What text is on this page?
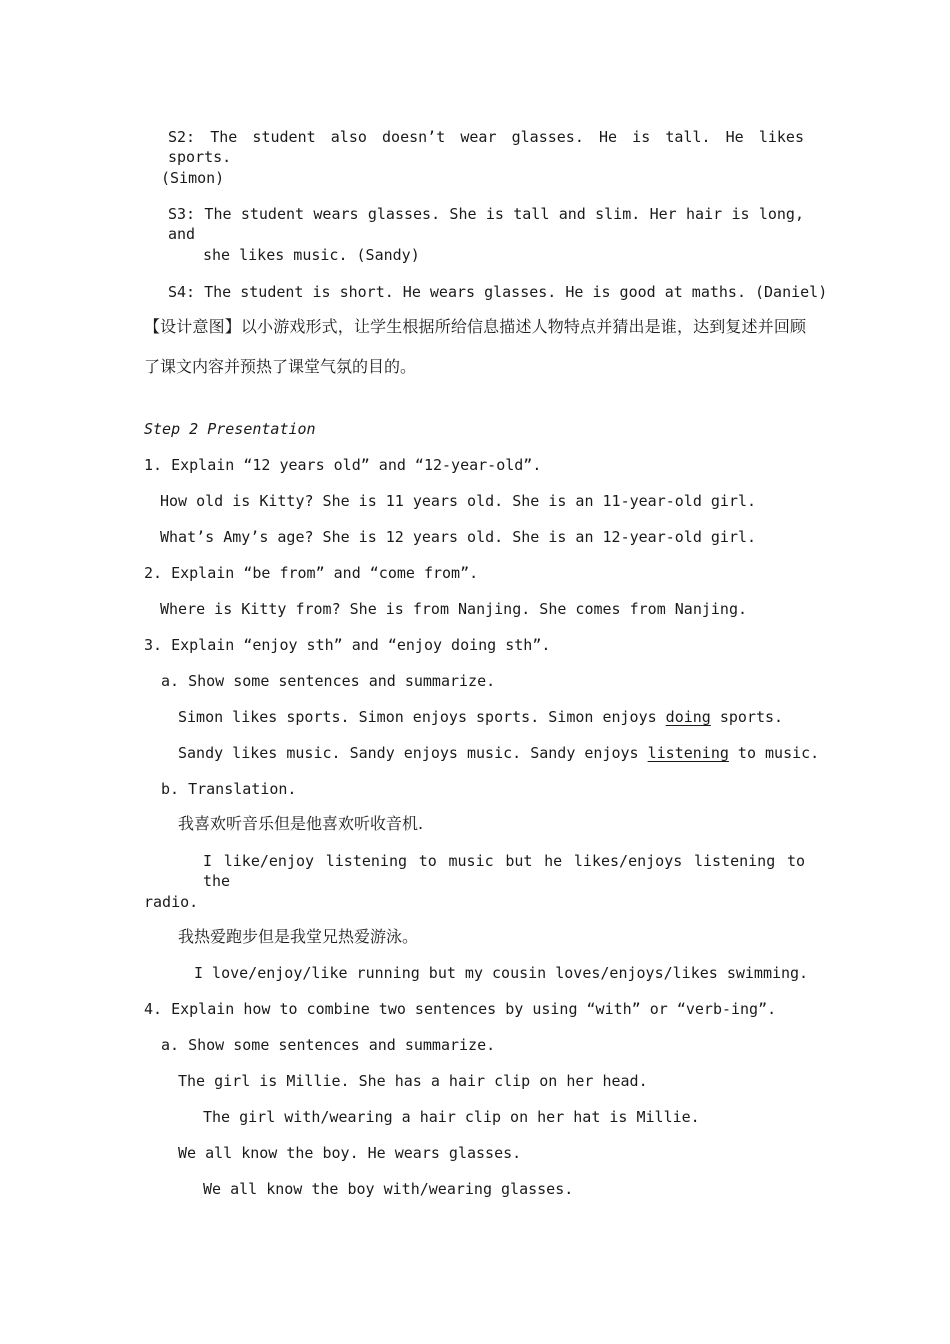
S2: The student also doesn’t wear glasses. He is tall. He likes sports.
(Simon)
S3: The student wears glasses. She is tall and slim. Her hair is long, and
she likes music. (Sandy)
S4: The student is short. He wears glasses. He is good at maths. (Daniel)
【设计意图】以小游戏形式，让学生根据所给信息描述人物特点并猜出是谁，达到复述并回顾
了课文内容并预热了课堂气氛的目的。
Step 2 Presentation
1. Explain “12 years old” and “12-year-old”.
How old is Kitty? She is 11 years old. She is an 11-year-old girl.
What’s Amy’s age? She is 12 years old. She is an 12-year-old girl.
2. Explain “be from” and “come from”.
Where is Kitty from? She is from Nanjing. She comes from Nanjing.
3. Explain “enjoy sth” and “enjoy doing sth”.
a. Show some sentences and summarize.
Simon likes sports. Simon enjoys sports. Simon enjoys doing sports.
Sandy likes music. Sandy enjoys music. Sandy enjoys listening to music.
b. Translation.
我喜欢听音乐但是他喜欢听收音机.
I like/enjoy listening to music but he likes/enjoys listening to the
radio.
我热爱跑步但是我堂兄热爱游泳。
I love/enjoy/like running but my cousin loves/enjoys/likes swimming.
4. Explain how to combine two sentences by using “with” or “verb-ing”.
a. Show some sentences and summarize.
The girl is Millie. She has a hair clip on her head.
The girl with/wearing a hair clip on her hat is Millie.
We all know the boy. He wears glasses.
We all know the boy with/wearing glasses.
